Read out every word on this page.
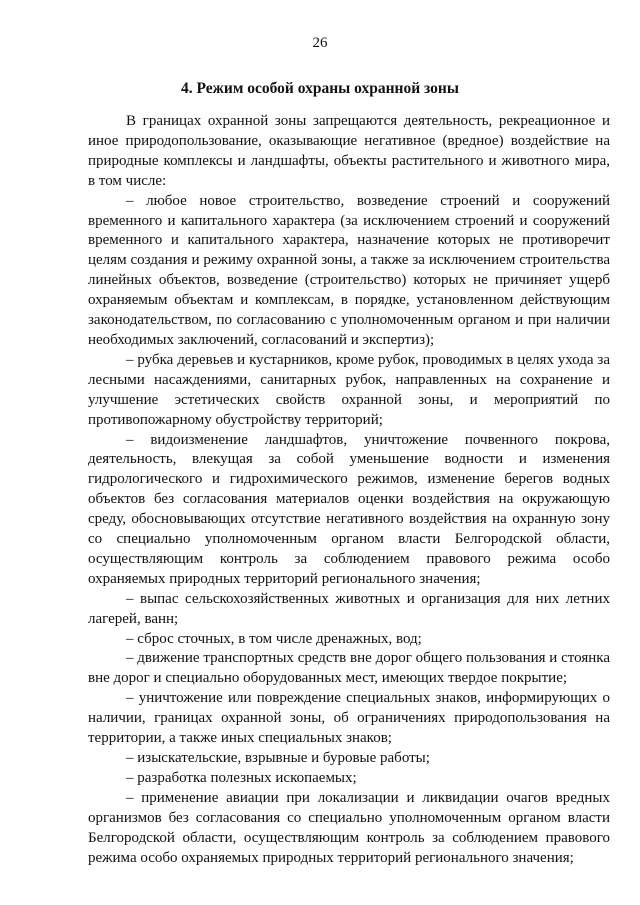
26
4. Режим особой охраны охранной зоны

В границах охранной зоны запрещаются деятельность, рекреационное и иное природопользование, оказывающие негативное (вредное) воздействие на природные комплексы и ландшафты, объекты растительного и животного мира, в том числе:

– любое новое строительство, возведение строений и сооружений временного и капитального характера (за исключением строений и сооружений временного и капитального характера, назначение которых не противоречит целям создания и режиму охранной зоны, а также за исключением строительства линейных объектов, возведение (строительство) которых не причиняет ущерб охраняемым объектам и комплексам, в порядке, установленном действующим законодательством, по согласованию с уполномоченным органом и при наличии необходимых заключений, согласований и экспертиз);

– рубка деревьев и кустарников, кроме рубок, проводимых в целях ухода за лесными насаждениями, санитарных рубок, направленных на сохранение и улучшение эстетических свойств охранной зоны, и мероприятий по противопожарному обустройству территорий;

– видоизменение ландшафтов, уничтожение почвенного покрова, деятельность, влекущая за собой уменьшение водности и изменения гидрологического и гидрохимического режимов, изменение берегов водных объектов без согласования материалов оценки воздействия на окружающую среду, обосновывающих отсутствие негативного воздействия на охранную зону со специально уполномоченным органом власти Белгородской области, осуществляющим контроль за соблюдением правового режима особо охраняемых природных территорий регионального значения;

– выпас сельскохозяйственных животных и организация для них летних лагерей, ванн;

– сброс сточных, в том числе дренажных, вод;

– движение транспортных средств вне дорог общего пользования и стоянка вне дорог и специально оборудованных мест, имеющих твердое покрытие;

– уничтожение или повреждение специальных знаков, информирующих о наличии, границах охранной зоны, об ограничениях природопользования на территории, а также иных специальных знаков;

– изыскательские, взрывные и буровые работы;

– разработка полезных ископаемых;

– применение авиации при локализации и ликвидации очагов вредных организмов без согласования со специально уполномоченным органом власти Белгородской области, осуществляющим контроль за соблюдением правового режима особо охраняемых природных территорий регионального значения;
